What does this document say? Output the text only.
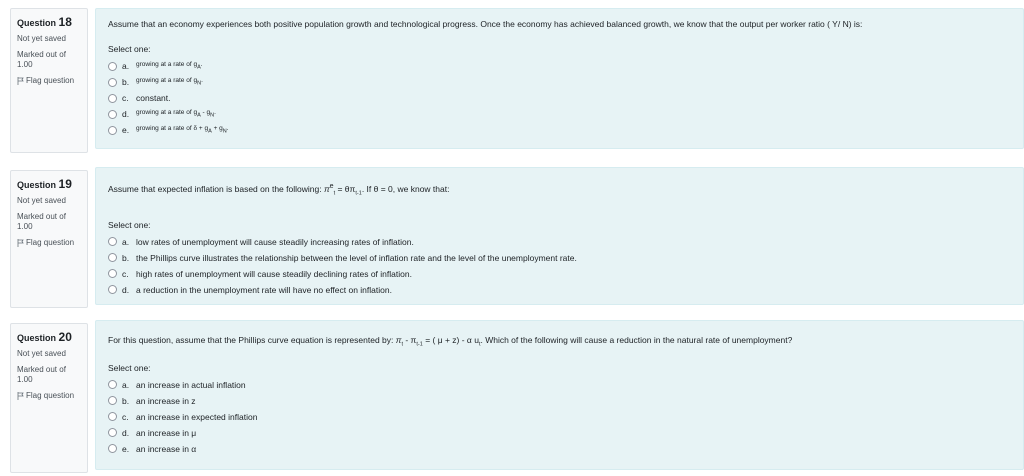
Question 18
Not yet saved
Marked out of
1.00
Flag question
Assume that an economy experiences both positive population growth and technological progress. Once the economy has achieved balanced growth, we know that the output per worker ratio ( Y/ N) is:
Select one:
a.	growing at a rate of $g_A$.
b.	growing at a rate of $g_N$.
c. constant.
d.	growing at a rate of $g_A - g_N$.
e.	growing at a rate of $\delta + g_A + g_N$.
Question 19
Not yet saved
Marked out of
1.00
Flag question
Assume that expected inflation is based on the following: $\pi^e_t = \theta\pi_{t-1}$. If θ = 0, we know that:
Select one:
a. low rates of unemployment will cause steadily increasing rates of inflation.
b. the Phillips curve illustrates the relationship between the level of inflation rate and the level of the unemployment rate.
c. high rates of unemployment will cause steadily declining rates of inflation.
d. a reduction in the unemployment rate will have no effect on inflation.
Question 20
Not yet saved
Marked out of
1.00
Flag question
For this question, assume that the Phillips curve equation is represented by: $\pi_t - \pi_{t-1}$ = ( μ + z) - α $u_t$. Which of the following will cause a reduction in the natural rate of unemployment?
Select one:
a. an increase in actual inflation
b. an increase in z
c. an increase in expected inflation
d. an increase in μ
e. an increase in α
